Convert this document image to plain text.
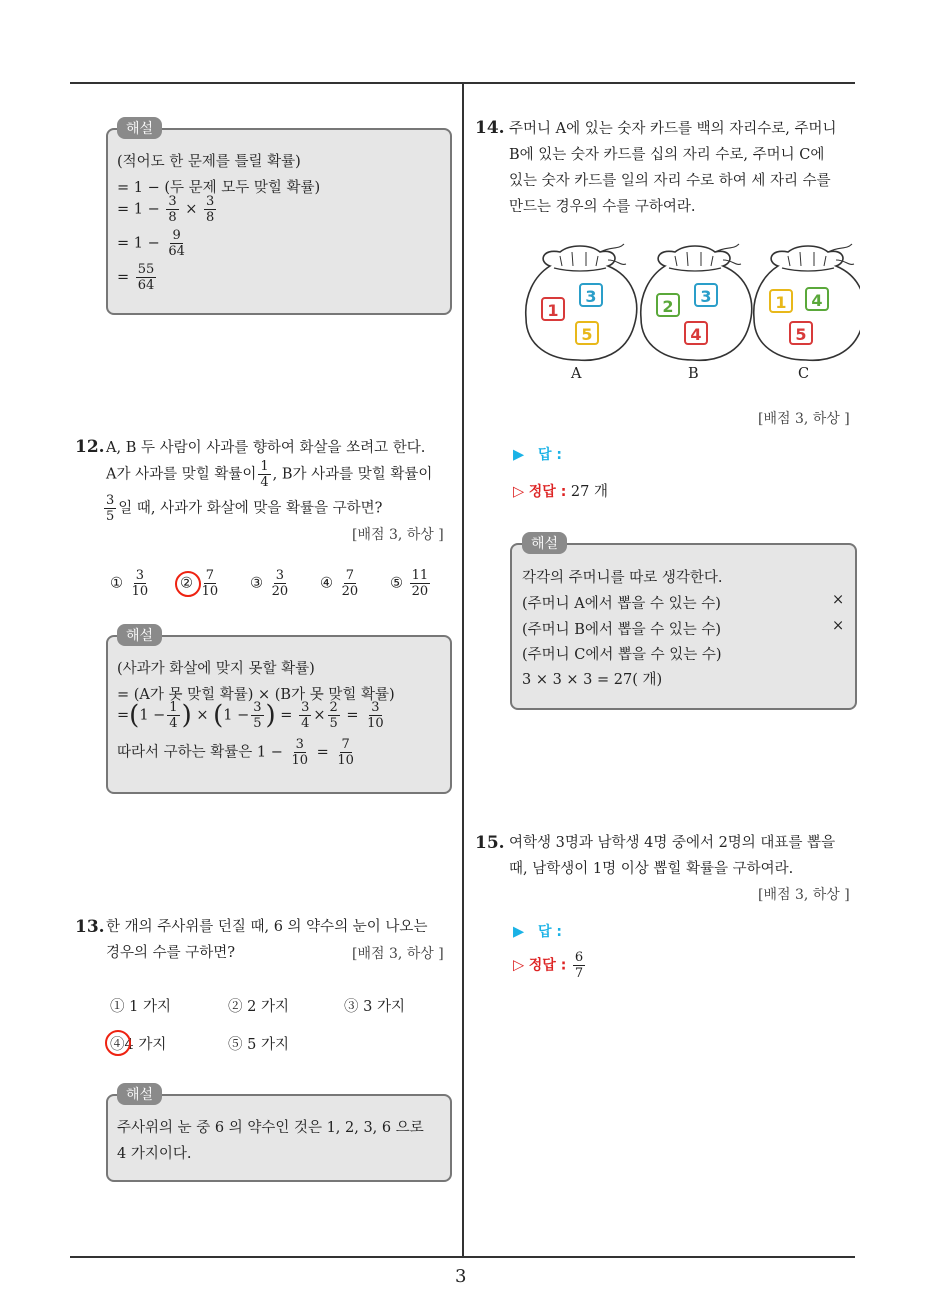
3
해설
(적어도 한 문제를 틀릴 확률)
= 1 − (두 문제 모두 맞힐 확률)
= $1 - \frac{3}{8} \times \frac{3}{8}$
= $1 - \frac{9}{64}$
= $\frac{55}{64}$
12. A, B 두 사람이 사과를 향하여 화살을 쏘려고 한다.
A가 사과를 맞힐 확률이 $\frac{1}{4}$ , B가 사과를 맞힐 확률이
$\frac{3}{5}$ 일 때, 사과가 화살에 맞을 확률을 구하면?
[배점 3, 하상 ]
① $\frac{3}{10}$ ② $\frac{7}{10}$ ③ $\frac{3}{20}$ ④ $\frac{7}{20}$ ⑤ $\frac{11}{20}$
해설
(사과가 화살에 맞지 못할 확률)
= (A가 못 맞힐 확률) × (B가 못 맞힐 확률)
$=(1 - \frac{1}{4}$ ) × ($1 - \frac{3}{5}$ ) = $\frac{3}{4} \times \frac{2}{5} = \frac{3}{10}$
따라서 구하는 확률은 $1 - \frac{3}{10} = \frac{7}{10}$
13. 한 개의 주사위를 던질 때, 6 의 약수의 눈이 나오는
경우의 수를 구하면?	[배점 3, 하상 ]
① 1 가지	② 2 가지	③ 3 가지
④4 가지	⑤ 5 가지
해설
주사위의 눈 중 6 의 약수인 것은 1, 2, 3, 6 으로
4 가지이다.
14. 주머니 A에 있는 숫자 카드를 백의 자리수로, 주머니
B에 있는 숫자 카드를 십의 자리 수로, 주머니 C에
있는 숫자 카드를 일의 자리 수로 하여 세 자리 수를
만드는 경우의 수를 구하여라.
1
3
5
2
3
4
1 4
5
A	B	C
[배점 3, 하상 ]
▶ 답 :
▷ 정답 : 27 개
해설
각각의 주머니를 따로 생각한다.
(주머니 A에서 뽑을 수 있는 수)	×
(주머니 B에서 뽑을 수 있는 수)	×
(주머니 C에서 뽑을 수 있는 수)
3 × 3 × 3 = 27( 개)
15. 여학생 3명과 남학생 4명 중에서 2명의 대표를 뽑을
때, 남학생이 1명 이상 뽑힐 확률을 구하여라.
[배점 3, 하상 ]
▶ 답 :
▷ 정답 : $\frac{6}{7}$
